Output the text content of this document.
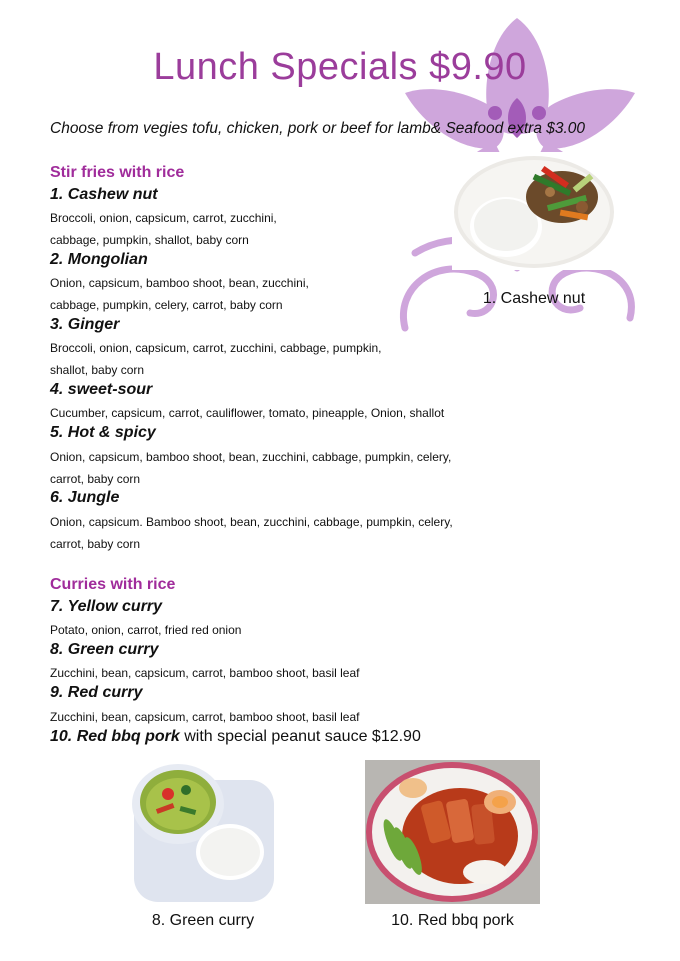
Lunch Specials $9.90
Choose from vegies tofu, chicken, pork or beef for lamb& Seafood extra $3.00
Stir fries with rice
1. Cashew nut
Broccoli, onion, capsicum, carrot, zucchini,
cabbage, pumpkin, shallot, baby corn
2. Mongolian
Onion, capsicum, bamboo shoot, bean, zucchini,
cabbage, pumpkin, celery, carrot, baby corn
3. Ginger
Broccoli, onion, capsicum, carrot, zucchini, cabbage, pumpkin,
shallot, baby corn
4. sweet-sour
Cucumber, capsicum, carrot, cauliflower, tomato, pineapple, Onion, shallot
5. Hot & spicy
Onion, capsicum, bamboo shoot, bean, zucchini, cabbage, pumpkin, celery,
carrot, baby corn
6. Jungle
Onion, capsicum. Bamboo shoot, bean, zucchini, cabbage, pumpkin, celery,
carrot, baby corn
Curries with rice
7. Yellow curry
Potato, onion, carrot, fried red onion
8. Green curry
Zucchini, bean, capsicum, carrot, bamboo shoot, basil leaf
9. Red curry
Zucchini, bean, capsicum, carrot, bamboo shoot, basil leaf
10. Red bbq pork with special peanut sauce $12.90
1. Cashew nut
8. Green curry	10. Red bbq pork
